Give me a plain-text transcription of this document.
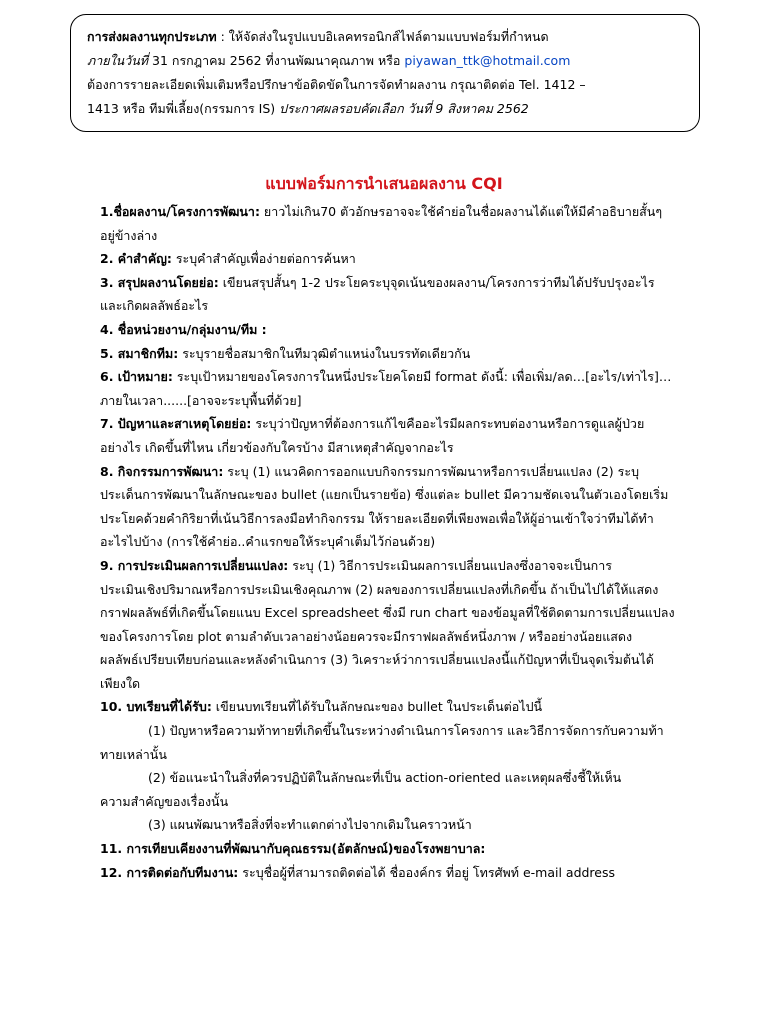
การส่งผลงานทุกประเภท : ให้จัดส่งในรูปแบบอิเลคทรอนิกส์ไฟล์ตามแบบฟอร์มที่กำหนด
ภายในวันที่ 31 กรกฎาคม 2562 ที่งานพัฒนาคุณภาพ หรือ piyawan_ttk@hotmail.com
ต้องการรายละเอียดเพิ่มเติมหรือปรึกษาข้อติดขัดในการจัดทำผลงาน กรุณาติดต่อ Tel. 1412 –
1413 หรือ ทีมพี่เลี้ยง(กรรมการ IS) ประกาศผลรอบคัดเลือก วันที่ 9 สิงหาคม 2562
แบบฟอร์มการนำเสนอผลงาน CQI

1.ชื่อผลงาน/โครงการพัฒนา: ยาวไม่เกิน70 ตัวอักษรอาจจะใช้คำย่อในชื่อผลงานได้แต่ให้มีคำอธิบายสั้นๆ

อยู่ข้างล่าง

2. คำสำคัญ: ระบุคำสำคัญเพื่อง่ายต่อการค้นหา

3. สรุปผลงานโดยย่อ: เขียนสรุปสั้นๆ 1-2 ประโยคระบุจุดเน้นของผลงาน/โครงการว่าทีมได้ปรับปรุงอะไร

และเกิดผลลัพธ์อะไร

4. ชื่อหน่วยงาน/กลุ่มงาน/ทีม :

5. สมาชิกทีม: ระบุรายชื่อสมาชิกในทีมวุฒิตำแหน่งในบรรทัดเดียวกัน

6. เป้าหมาย: ระบุเป้าหมายของโครงการในหนึ่งประโยคโดยมี format ดังนี้: เพื่อเพิ่ม/ลด…[อะไร/เท่าไร]…

ภายในเวลา......[อาจจะระบุพื้นที่ด้วย]

7. ปัญหาและสาเหตุโดยย่อ: ระบุว่าปัญหาที่ต้องการแก้ไขคืออะไรมีผลกระทบต่องานหรือการดูแลผู้ป่วย

อย่างไร เกิดขึ้นที่ไหน เกี่ยวข้องกับใครบ้าง มีสาเหตุสำคัญจากอะไร

8. กิจกรรมการพัฒนา: ระบุ (1) แนวคิดการออกแบบกิจกรรมการพัฒนาหรือการเปลี่ยนแปลง (2) ระบุ

ประเด็นการพัฒนาในลักษณะของ bullet (แยกเป็นรายข้อ) ซึ่งแต่ละ bullet มีความชัดเจนในตัวเองโดยเริ่ม

ประโยคด้วยคำกิริยาที่เน้นวิธีการลงมือทำกิจกรรม ให้รายละเอียดที่เพียงพอเพื่อให้ผู้อ่านเข้าใจว่าทีมได้ทำ

อะไรไปบ้าง (การใช้คำย่อ..คำแรกขอให้ระบุคำเต็มไว้ก่อนด้วย)

9. การประเมินผลการเปลี่ยนแปลง: ระบุ (1) วิธีการประเมินผลการเปลี่ยนแปลงซึ่งอาจจะเป็นการ

ประเมินเชิงปริมาณหรือการประเมินเชิงคุณภาพ (2) ผลของการเปลี่ยนแปลงที่เกิดขึ้น ถ้าเป็นไปได้ให้แสดง

กราฟผลลัพธ์ที่เกิดขึ้นโดยแนบ Excel spreadsheet ซึ่งมี run chart ของข้อมูลที่ใช้ติดตามการเปลี่ยนแปลง

ของโครงการโดย plot ตามลำดับเวลาอย่างน้อยควรจะมีกราฟผลลัพธ์หนึ่งภาพ / หรืออย่างน้อยแสดง

ผลลัพธ์เปรียบเทียบก่อนและหลังดำเนินการ (3) วิเคราะห์ว่าการเปลี่ยนแปลงนี้แก้ปัญหาที่เป็นจุดเริ่มต้นได้

เพียงใด

10. บทเรียนที่ได้รับ: เขียนบทเรียนที่ได้รับในลักษณะของ bullet ในประเด็นต่อไปนี้

(1) ปัญหาหรือความท้าทายที่เกิดขึ้นในระหว่างดำเนินการโครงการ และวิธีการจัดการกับความท้า

ทายเหล่านั้น

(2) ข้อแนะนำในสิ่งที่ควรปฏิบัติในลักษณะที่เป็น action-oriented และเหตุผลซึ่งชี้ให้เห็น

ความสำคัญของเรื่องนั้น

(3) แผนพัฒนาหรือสิ่งที่จะทำแตกต่างไปจากเดิมในคราวหน้า

11. การเทียบเคียงงานที่พัฒนากับคุณธรรม(อัตลักษณ์)ของโรงพยาบาล:

12. การติดต่อกับทีมงาน: ระบุชื่อผู้ที่สามารถติดต่อได้ ชื่อองค์กร ที่อยู่ โทรศัพท์ e-mail address
